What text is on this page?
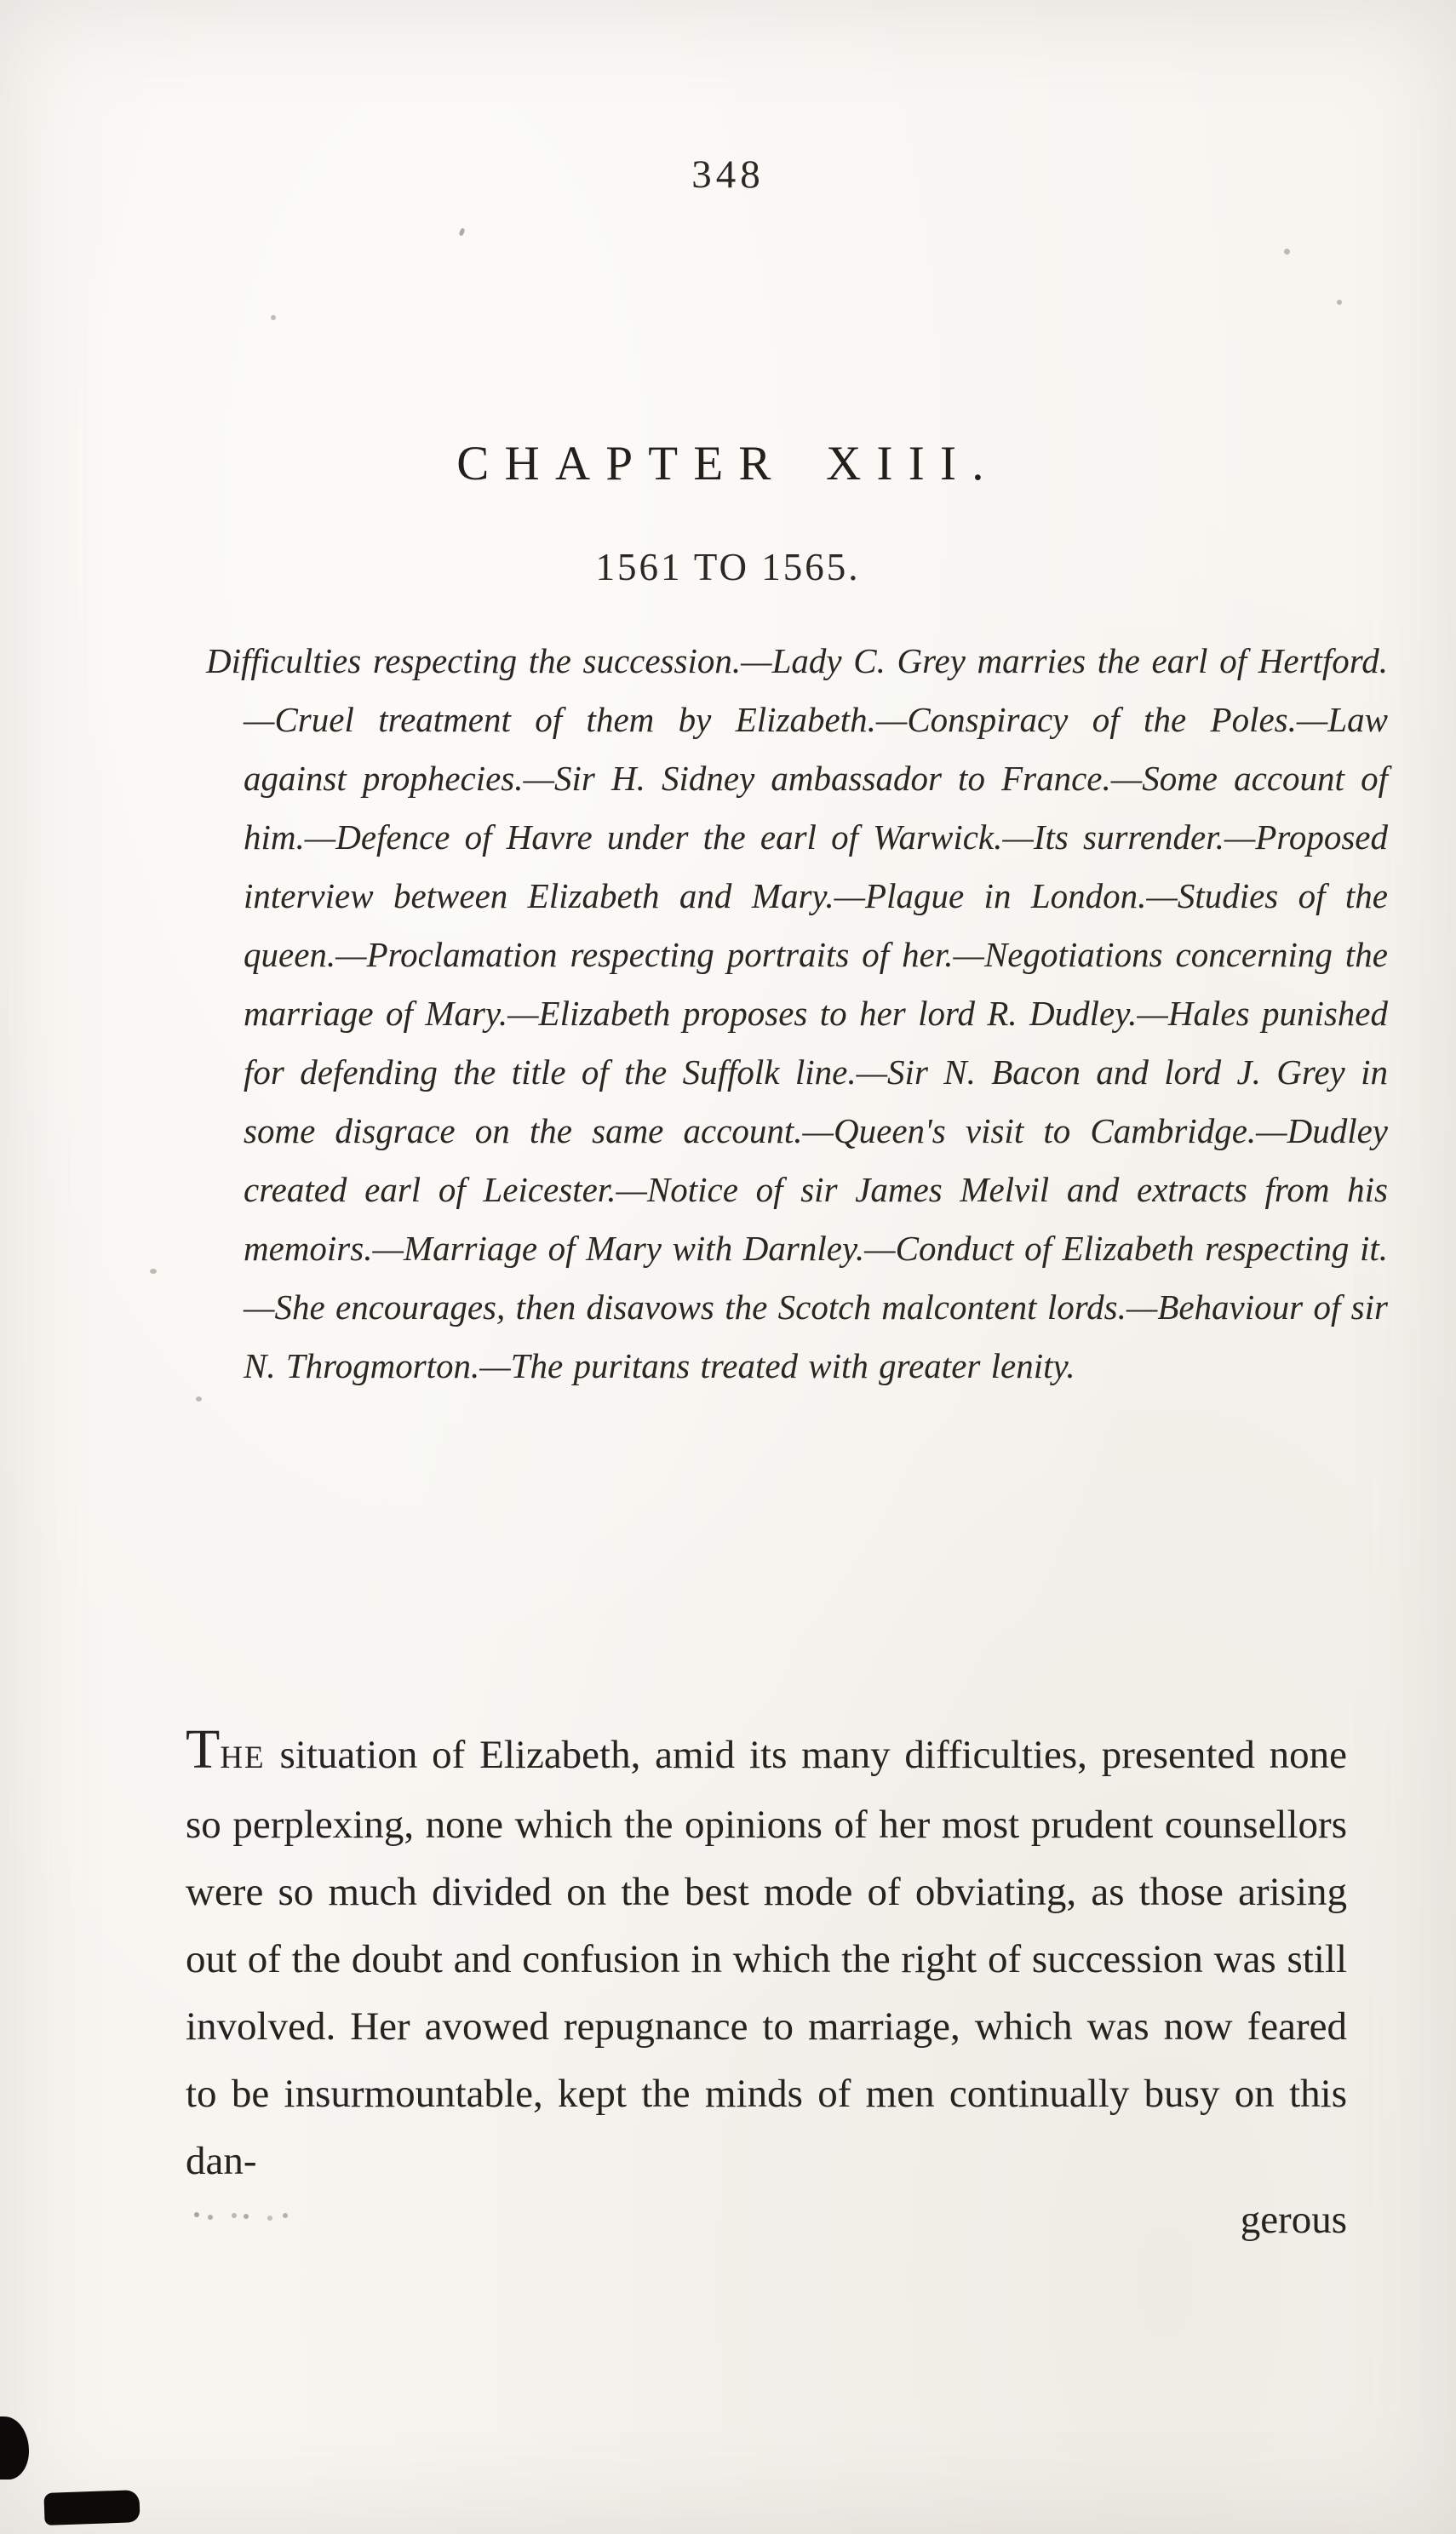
348
CHAPTER XIII.
1561 TO 1565.

Difficulties respecting the succession.—Lady C. Grey marries the earl of Hertford.—Cruel treatment of them by Elizabeth.—Conspiracy of the Poles.—Law against prophecies.—Sir H. Sidney ambassador to France.—Some account of him.—Defence of Havre under the earl of Warwick.—Its surrender.—Proposed interview between Elizabeth and Mary.—Plague in London.—Studies of the queen.—Proclamation respecting portraits of her.—Negotiations concerning the marriage of Mary.—Elizabeth proposes to her lord R. Dudley.—Hales punished for defending the title of the Suffolk line.—Sir N. Bacon and lord J. Grey in some disgrace on the same account.—Queen's visit to Cambridge.—Dudley created earl of Leicester.—Notice of sir James Melvil and extracts from his memoirs.—Marriage of Mary with Darnley.—Conduct of Elizabeth respecting it.—She encourages, then disavows the Scotch malcontent lords.—Behaviour of sir N. Throgmorton.—The puritans treated with greater lenity.

THE situation of Elizabeth, amid its many difficulties, presented none so perplexing, none which the opinions of her most prudent counsellors were so much divided on the best mode of obviating, as those arising out of the doubt and confusion in which the right of succession was still involved. Her avowed repugnance to marriage, which was now feared to be insurmountable, kept the minds of men continually busy on this dan-

gerous
